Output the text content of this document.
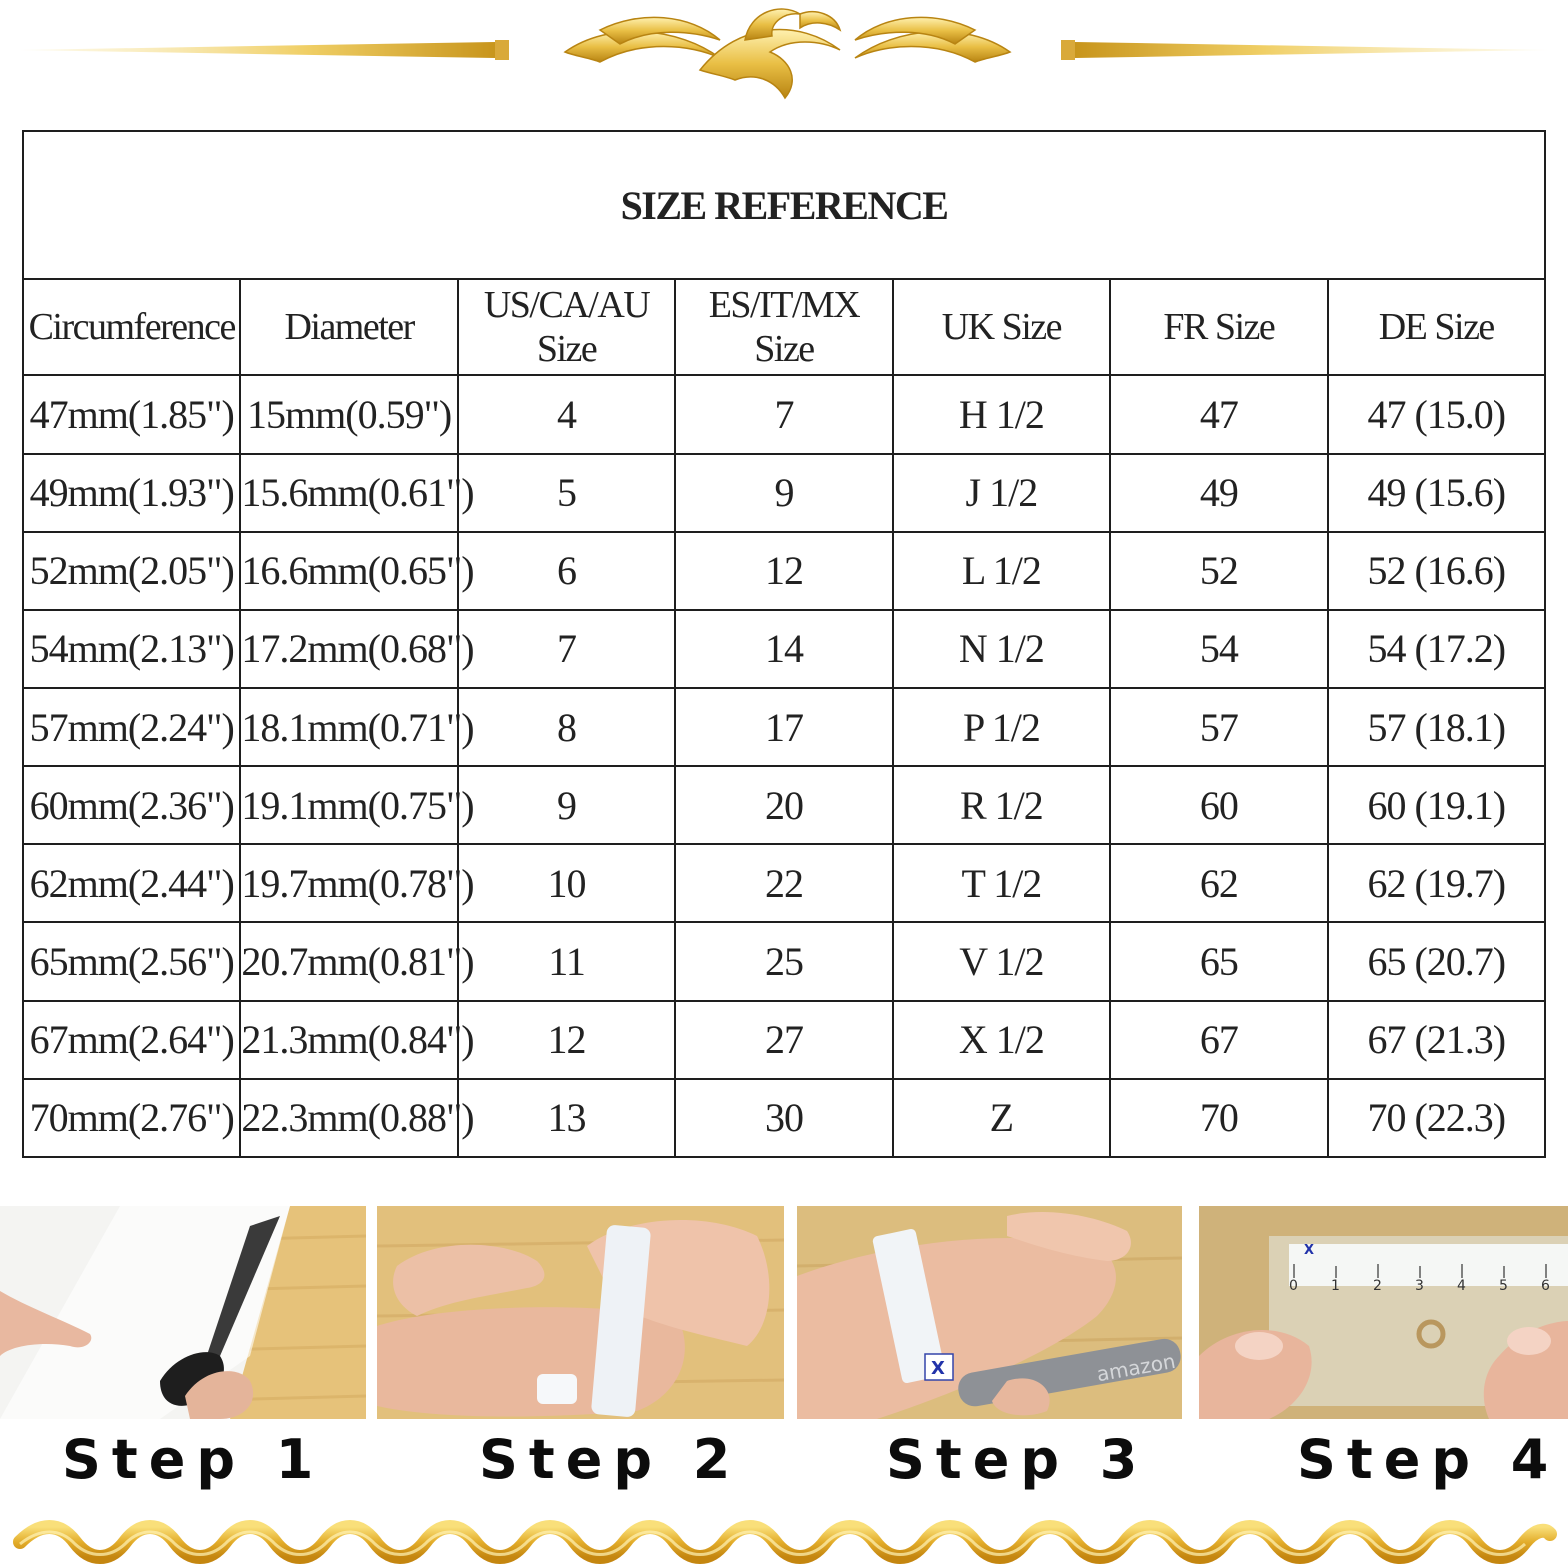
SIZE REFERENCE						
Circumference	Diameter	US/CA/AU Size	ES/IT/MX Size	UK Size	FR Size	DE Size
47mm(1.85")	15mm(0.59")	4	7	H 1/2	47	47 (15.0)
49mm(1.93")	15.6mm(0.61")	5	9	J 1/2	49	49 (15.6)
52mm(2.05")	16.6mm(0.65")	6	12	L 1/2	52	52 (16.6)
54mm(2.13")	17.2mm(0.68")	7	14	N 1/2	54	54 (17.2)
57mm(2.24")	18.1mm(0.71")	8	17	P 1/2	57	57 (18.1)
60mm(2.36")	19.1mm(0.75")	9	20	R 1/2	60	60 (19.1)
62mm(2.44")	19.7mm(0.78")	10	22	T 1/2	62	62 (19.7)
65mm(2.56")	20.7mm(0.81")	11	25	V 1/2	65	65 (20.7)
67mm(2.64")	21.3mm(0.84")	12	27	X 1/2	67	67 (21.3)
70mm(2.76")	22.3mm(0.88")	13	30	Z	70	70 (22.3)
Step 1	Step 2
X	amazon
Step 3
X
0 1 2 3 4 5 6
Step 4
